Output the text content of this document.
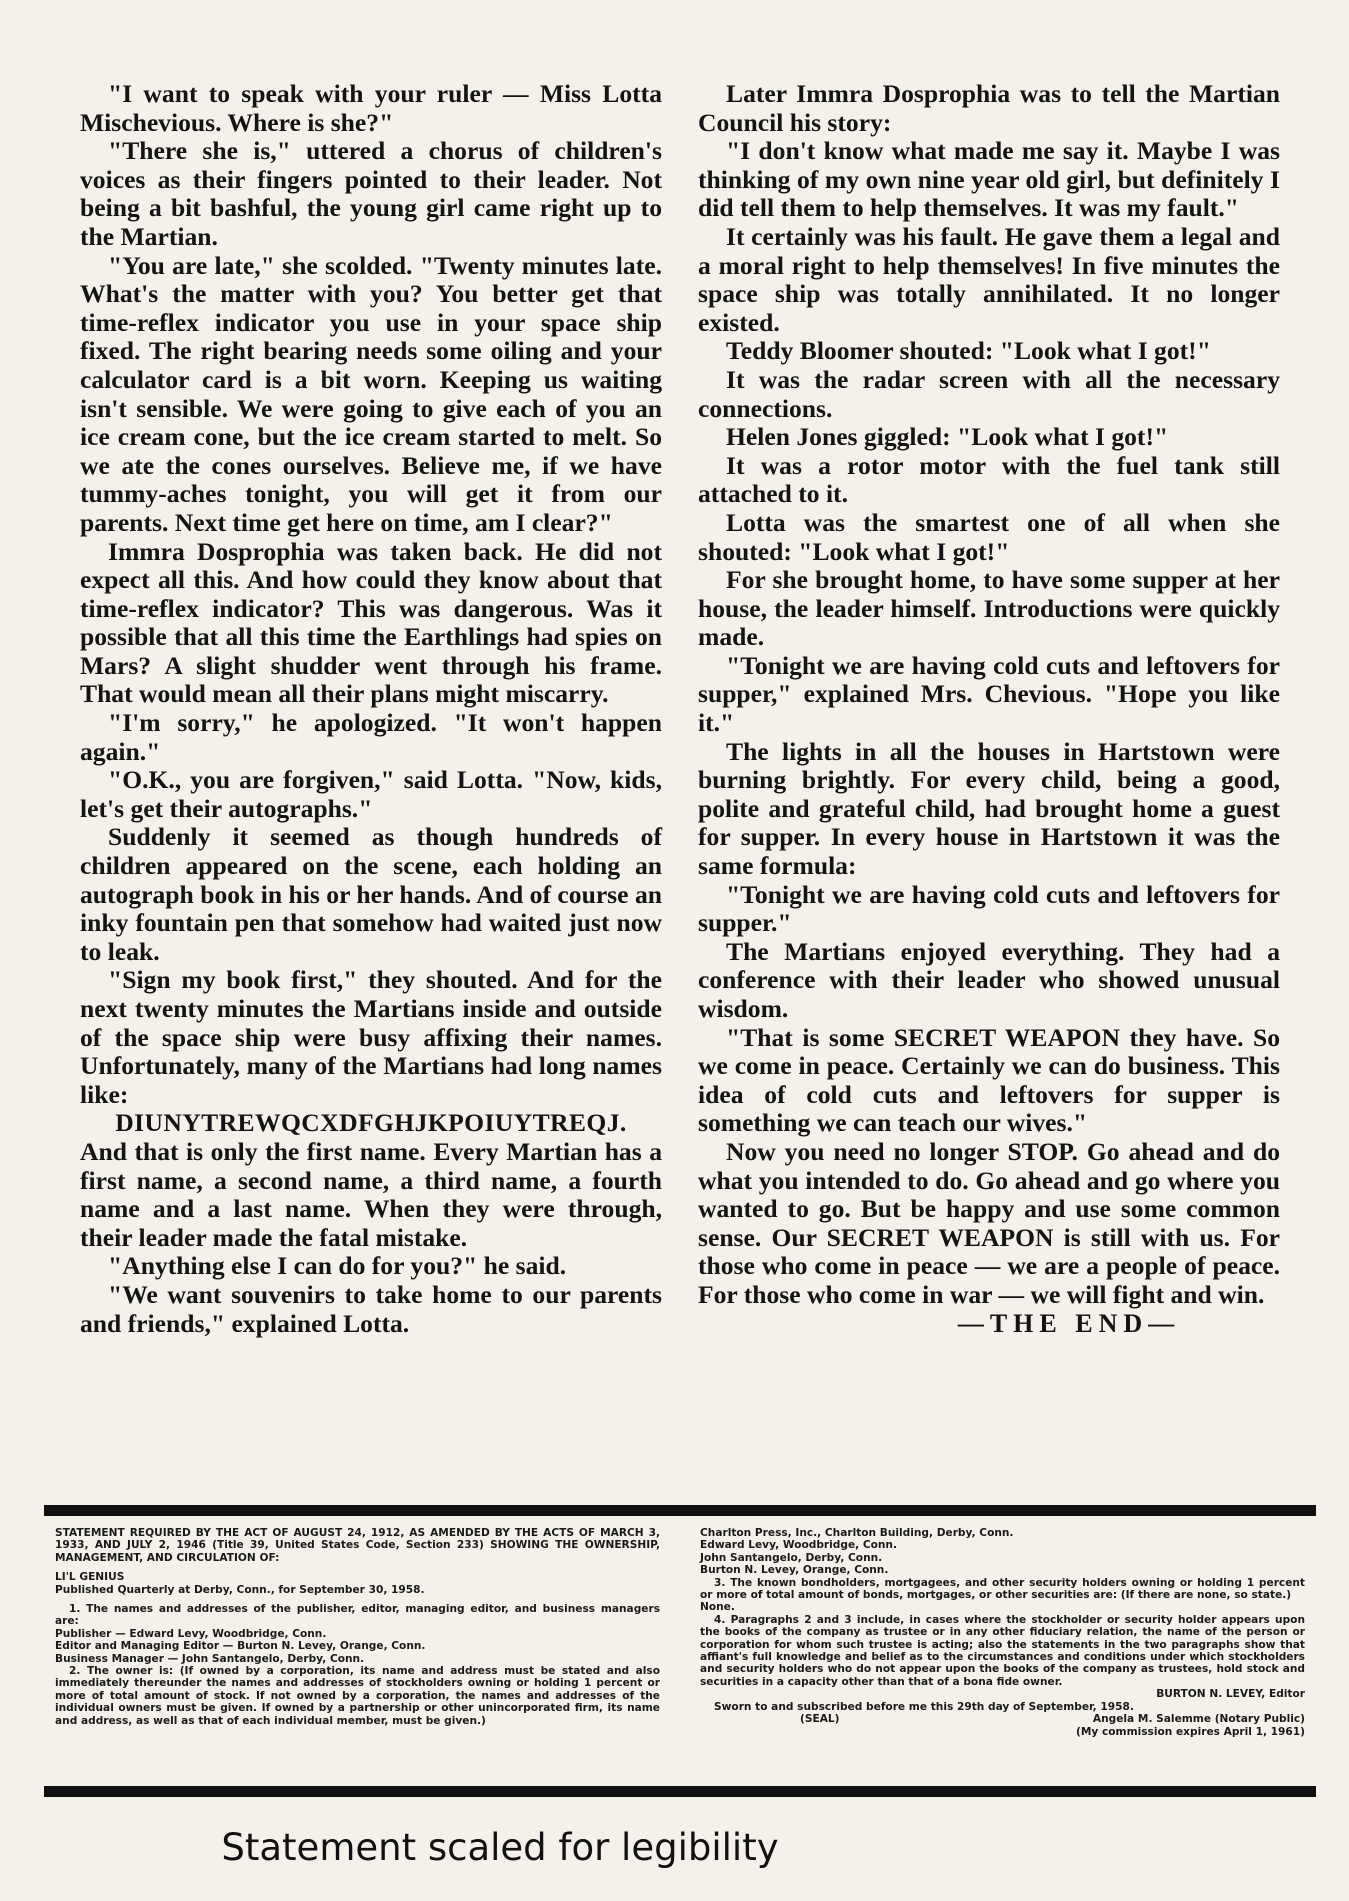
"I want to speak with your ruler — Miss Lotta Mischevious. Where is she?"

"There she is," uttered a chorus of children's voices as their fingers pointed to their leader. Not being a bit bashful, the young girl came right up to the Martian.

"You are late," she scolded. "Twenty minutes late. What's the matter with you? You better get that time-reflex indicator you use in your space ship fixed. The right bearing needs some oiling and your calculator card is a bit worn. Keeping us waiting isn't sensible. We were going to give each of you an ice cream cone, but the ice cream started to melt. So we ate the cones ourselves. Believe me, if we have tummy-aches tonight, you will get it from our parents. Next time get here on time, am I clear?"

Immra Dosprophia was taken back. He did not expect all this. And how could they know about that time-reflex indicator? This was dangerous. Was it possible that all this time the Earthlings had spies on Mars? A slight shudder went through his frame. That would mean all their plans might miscarry.

"I'm sorry," he apologized. "It won't happen again."

"O.K., you are forgiven," said Lotta. "Now, kids, let's get their autographs."

Suddenly it seemed as though hundreds of children appeared on the scene, each holding an autograph book in his or her hands. And of course an inky fountain pen that somehow had waited just now to leak.

"Sign my book first," they shouted. And for the next twenty minutes the Martians inside and outside of the space ship were busy affixing their names. Unfortunately, many of the Martians had long names like:

DIUNYTREWQCXDFGHJKPOIUYTREQJ.

And that is only the first name. Every Martian has a first name, a second name, a third name, a fourth name and a last name. When they were through, their leader made the fatal mistake.

"Anything else I can do for you?" he said.

"We want souvenirs to take home to our parents and friends," explained Lotta.

Later Immra Dosprophia was to tell the Martian Council his story:

"I don't know what made me say it. Maybe I was thinking of my own nine year old girl, but definitely I did tell them to help themselves. It was my fault."

It certainly was his fault. He gave them a legal and a moral right to help themselves! In five minutes the space ship was totally annihilated. It no longer existed.

Teddy Bloomer shouted: "Look what I got!"

It was the radar screen with all the necessary connections.

Helen Jones giggled: "Look what I got!"

It was a rotor motor with the fuel tank still attached to it.

Lotta was the smartest one of all when she shouted: "Look what I got!"

For she brought home, to have some supper at her house, the leader himself. Introductions were quickly made.

"Tonight we are having cold cuts and leftovers for supper," explained Mrs. Chevious. "Hope you like it."

The lights in all the houses in Hartstown were burning brightly. For every child, being a good, polite and grateful child, had brought home a guest for supper. In every house in Hartstown it was the same formula:

"Tonight we are having cold cuts and leftovers for supper."

The Martians enjoyed everything. They had a conference with their leader who showed unusual wisdom.

"That is some SECRET WEAPON they have. So we come in peace. Certainly we can do business. This idea of cold cuts and leftovers for supper is something we can teach our wives."

Now you need no longer STOP. Go ahead and do what you intended to do. Go ahead and go where you wanted to go. But be happy and use some common sense. Our SECRET WEAPON is still with us. For those who come in peace — we are a people of peace. For those who come in war — we will fight and win.

—THE END—

STATEMENT REQUIRED BY THE ACT OF AUGUST 24, 1912, AS AMENDED BY THE ACTS OF MARCH 3, 1933, AND JULY 2, 1946 (Title 39, United States Code, Section 233) SHOWING THE OWNERSHIP, MANAGEMENT, AND CIRCULATION OF:

LI'L GENIUS

Published Quarterly at Derby, Conn., for September 30, 1958.

1. The names and addresses of the publisher, editor, managing editor, and business managers are:

Publisher — Edward Levy, Woodbridge, Conn.

Editor and Managing Editor — Burton N. Levey, Orange, Conn.

Business Manager — John Santangelo, Derby, Conn.

2. The owner is: (If owned by a corporation, its name and address must be stated and also immediately thereunder the names and addresses of stockholders owning or holding 1 percent or more of total amount of stock. If not owned by a corporation, the names and addresses of the individual owners must be given. If owned by a partnership or other unincorporated firm, its name and address, as well as that of each individual member, must be given.)

Charlton Press, Inc., Charlton Building, Derby, Conn.

Edward Levy, Woodbridge, Conn.

John Santangelo, Derby, Conn.

Burton N. Levey, Orange, Conn.

3. The known bondholders, mortgagees, and other security holders owning or holding 1 percent or more of total amount of bonds, mortgages, or other securities are: (If there are none, so state.)

None.

4. Paragraphs 2 and 3 include, in cases where the stockholder or security holder appears upon the books of the company as trustee or in any other fiduciary relation, the name of the person or corporation for whom such trustee is acting; also the statements in the two paragraphs show that affiant's full knowledge and belief as to the circumstances and conditions under which stockholders and security holders who do not appear upon the books of the company as trustees, hold stock and securities in a capacity other than that of a bona fide owner.

BURTON N. LEVEY, Editor

Sworn to and subscribed before me this 29th day of September, 1958.

(SEAL)	Angela M. Salemme (Notary Public)

(My commission expires April 1, 1961)

Statement scaled for legibility
